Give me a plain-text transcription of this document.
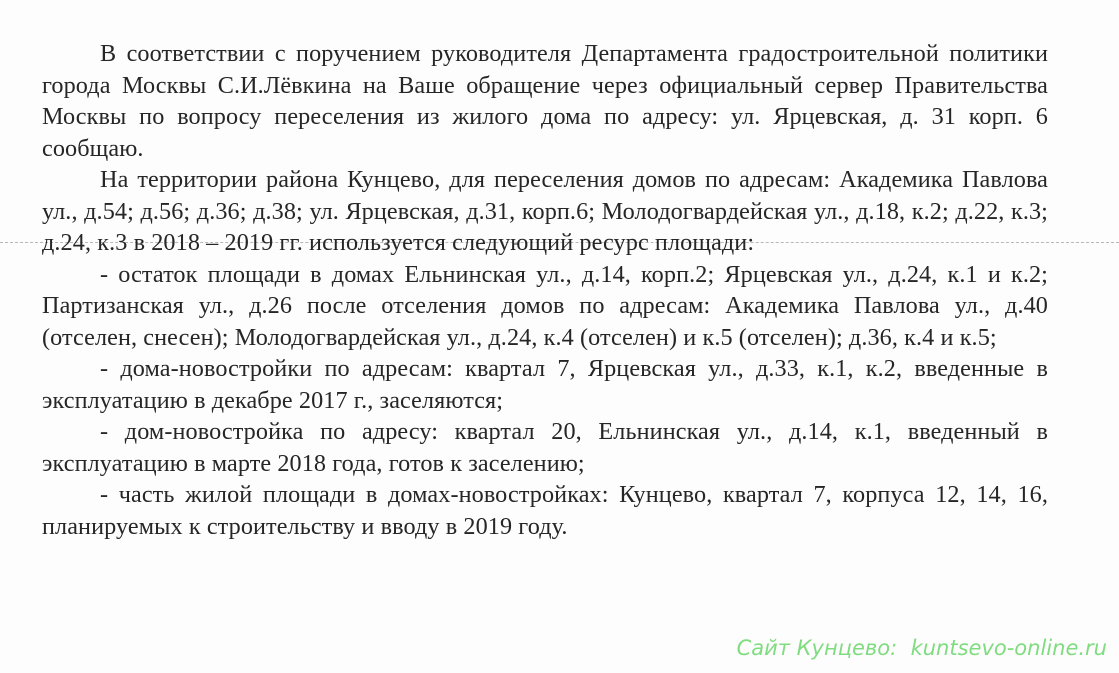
В соответствии с поручением руководителя Департамента градостроительной политики города Москвы С.И.Лёвкина на Ваше обращение через официальный сервер Правительства Москвы по вопросу переселения из жилого дома по адресу: ул. Ярцевская, д. 31 корп. 6 сообщаю.

На территории района Кунцево, для переселения домов по адресам: Академика Павлова ул., д.54; д.56; д.36; д.38; ул. Ярцевская, д.31, корп.6; Молодогвардейская ул., д.18, к.2; д.22, к.3; д.24, к.3 в 2018 – 2019 гг. используется следующий ресурс площади:

- остаток площади в домах Ельнинская ул., д.14, корп.2; Ярцевская ул., д.24, к.1 и к.2; Партизанская ул., д.26 после отселения домов по адресам: Академика Павлова ул., д.40 (отселен, снесен); Молодогвардейская ул., д.24, к.4 (отселен) и к.5 (отселен); д.36, к.4 и к.5;

- дома-новостройки по адресам: квартал 7, Ярцевская ул., д.33, к.1, к.2, введенные в эксплуатацию в декабре 2017 г., заселяются;

- дом-новостройка по адресу: квартал 20, Ельнинская ул., д.14, к.1, введенный в эксплуатацию в марте 2018 года, готов к заселению;

- часть жилой площади в домах-новостройках: Кунцево, квартал 7, корпуса 12, 14, 16, планируемых к строительству и вводу в 2019 году.

Сайт Кунцево:  kuntsevo-online.ru
